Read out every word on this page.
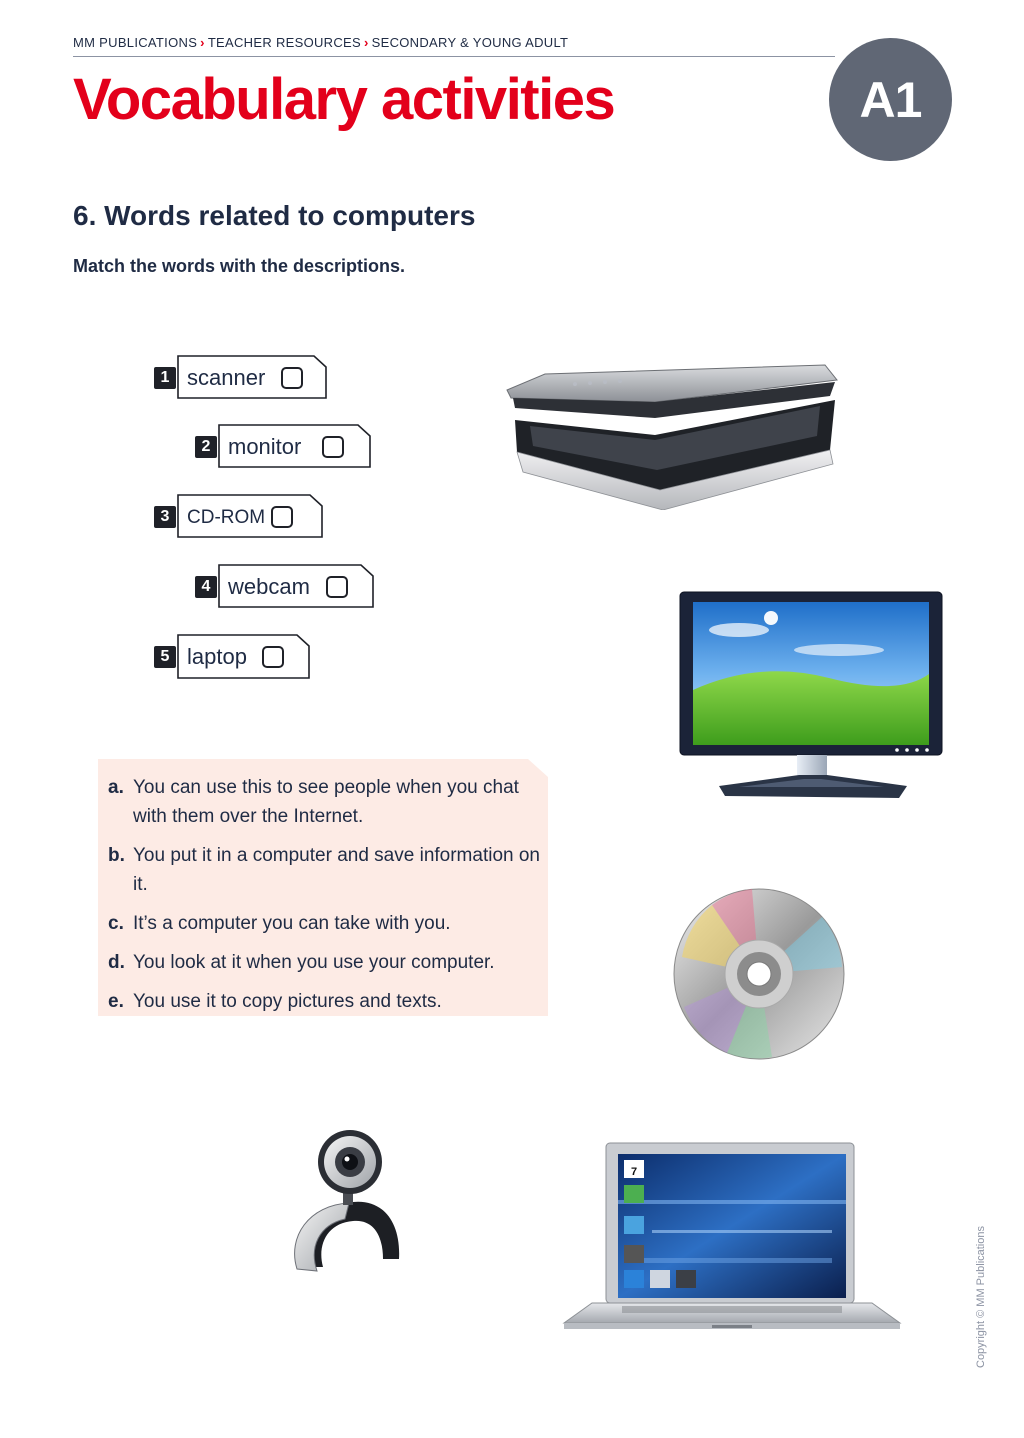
MM PUBLICATIONS › TEACHER RESOURCES › SECONDARY & YOUNG ADULT
Vocabulary activities	A1
6. Words related to computers
Match the words with the descriptions.
1 scanner
2 monitor
3 CD-ROM
4 webcam
5 laptop
a. You can use this to see people when you chat with them over the Internet.
b. You put it in a computer and save information on it.
c. It’s a computer you can take with you.
d. You look at it when you use your computer.
e. You use it to copy pictures and texts.
7
Copyright © MM Publications
